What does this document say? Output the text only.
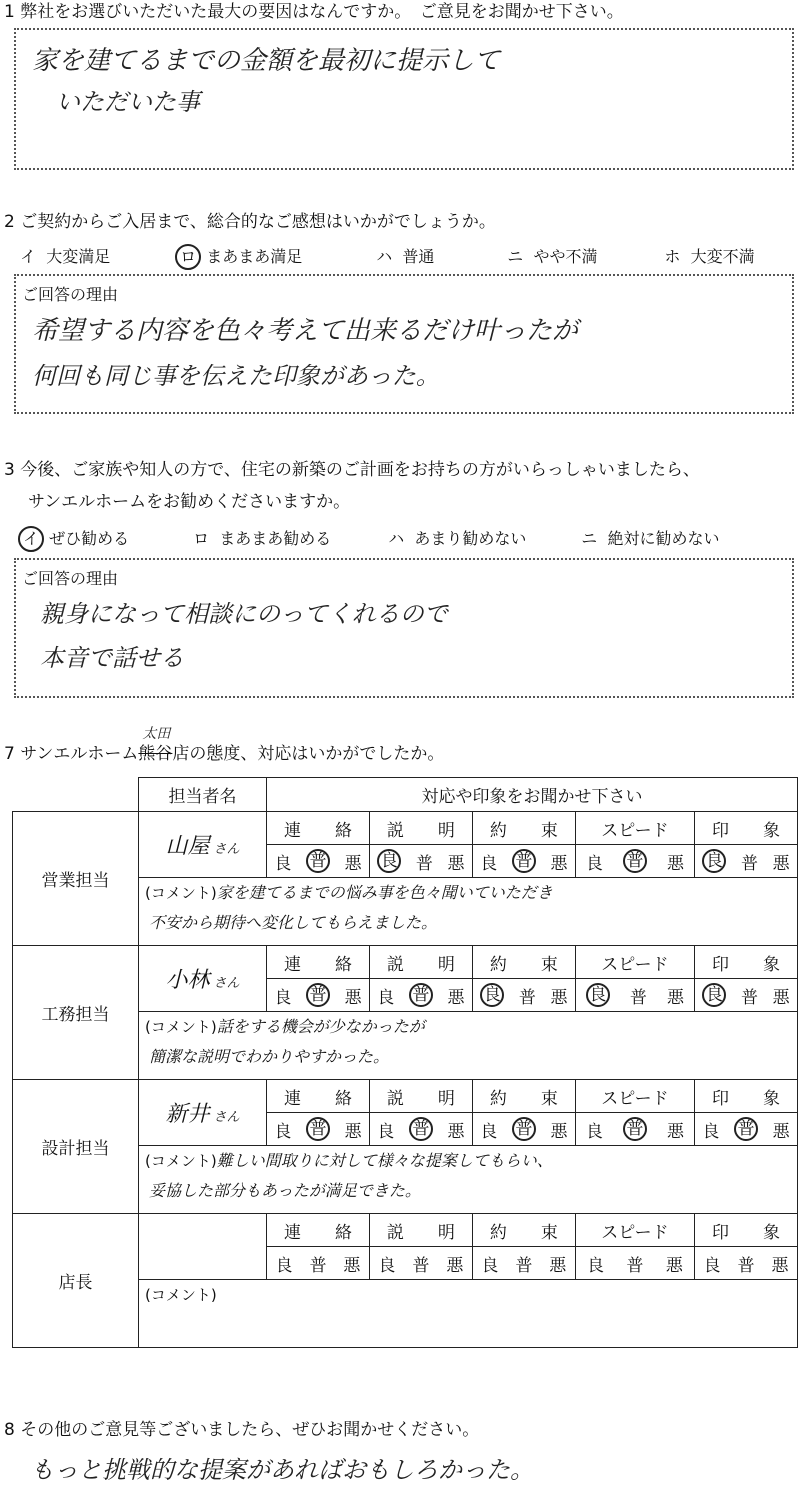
1 弊社をお選びいただいた最大の要因はなんですか。　ご意見をお聞かせ下さい。
家を建てるまでの金額を最初に提示して
いただいた事
2 ご契約からご入居まで、総合的なご感想はいかがでしょうか。
イ 大変満足	ロ まあまあ満足	ハ 普通	ニ やや不満	ホ 大変不満
ご回答の理由
希望する内容を色々考えて出来るだけ叶ったが
何回も同じ事を伝えた印象があった。
3 今後、ご家族や知人の方で、住宅の新築のご計画をお持ちの方がいらっしゃいましたら、
サンエルホームをお勧めくださいますか。
イ ぜひ勧める	ロ まあまあ勧める	ハ あまり勧めない	ニ 絶対に勧めない
ご回答の理由
親身になって相談にのってくれるので
本音で話せる
7 サンエルホーム熊谷
太田
店の態度、対応はいかがでしたか。
	担当者名	対応や印象をお聞かせ下さい				
営業担当	山屋 さん	連 絡	説 明	約 束	スピード	印 象

		良 普 悪	良 普 悪	良 普 悪	良 普 悪	良 普 悪

	(コメント)家を建てるまでの悩み事を色々聞いていただき
不安から期待へ変化してもらえました。					

工務担当	小林 さん	連 絡	説 明	約 束	スピード	印 象

		良 普 悪	良 普 悪	良 普 悪	良 普 悪	良 普 悪

	(コメント)話をする機会が少なかったが
簡潔な説明でわかりやすかった。					

設計担当	新井 さん	連 絡	説 明	約 束	スピード	印 象

		良 普 悪	良 普 悪	良 普 悪	良 普 悪	良 普 悪

	(コメント)難しい間取りに対して様々な提案してもらい、
妥協した部分もあったが満足できた。					

店長		連 絡	説 明	約 束	スピード	印 象

		良 普 悪	良 普 悪	良 普 悪	良 普 悪	良 普 悪

	(コメント)					

8 その他のご意見等ございましたら、ぜひお聞かせください。
もっと挑戦的な提案があればおもしろかった。
